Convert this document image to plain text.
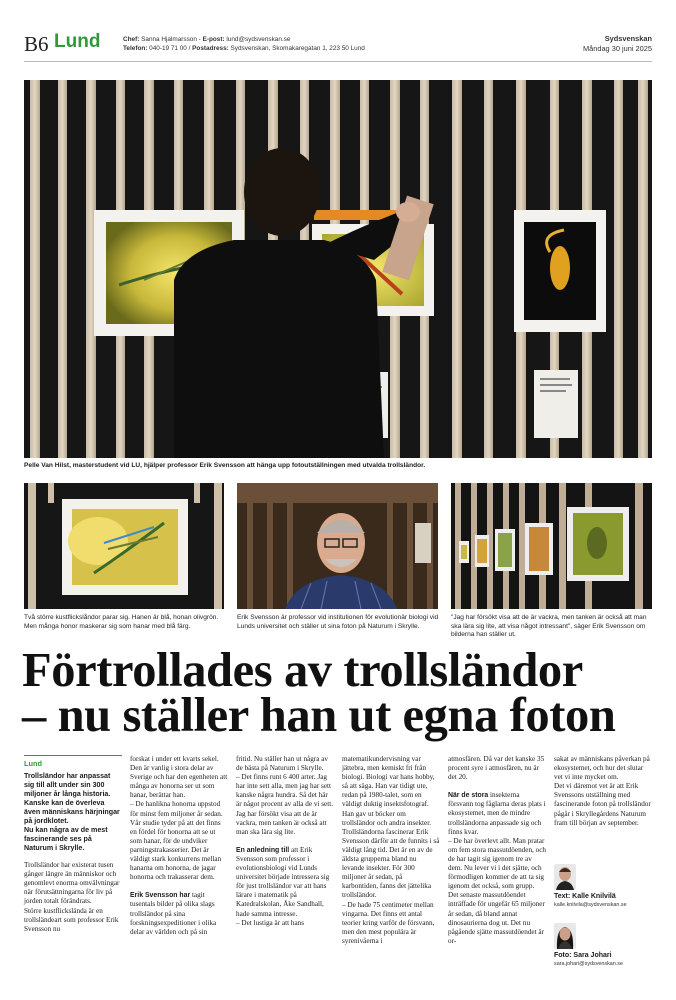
B6 Lund	Chef: Sanna Hjalmarsson - E-post: lund@sydsvenskan.se
Telefon: 040-19 71 00 / Postadress: Sydsvenskan, Skomakaregatan 1, 223 50 Lund
Sydsvenskan
Måndag 30 juni 2025
Pelle Van Hilst, masterstudent vid LU, hjälper professor Erik Svensson att hänga upp fotoutställningen med utvalda trollsländor.
Två större kustflickslåndor parar sig. Hanen är blå, honan olivgrön. Men många honor maskerar sig som hanar med blå färg.
Erik Svensson är professor vid institutionen för evolutionär biologi vid Lunds universitet och ställer ut sina foton på Naturum i Skrylle.
"Jag har försökt visa att de är vackra, men tanken är också att man ska lära sig lite, att visa något intressant", säger Erik Svensson om bilderna han ställer ut.
Förtrollades av trollsländor
– nu ställer han ut egna foton
Lund

Trollsländor har anpassat sig till allt under sin 300 miljoner år långa historia.

Kanske kan de överleva även människans härjningar på jordklotet.

Nu kan några av de mest fascinerande ses på Naturum i Skrylle.

Trollsländor har existerat tusen gånger längre än människor och genomlevt enorma omvälvningar när förutsättningarna för liv på jorden totalt förändrats.

Större kustflickslända är en trollsländeart som professor Erik Svensson nu

forskat i under ett kvarts sekel. Den är vanlig i stora delar av Sverige och har den egenheten att många av honorna ser ut som hanar, berättar han.

– De hanliknа honorna uppstod för minst fem miljoner år sedan. Vår studie tyder på att det finns en fördel för honorna att se ut som hanar, för de undviker parningstrakasserier. Det är väldigt stark konkurrens mellan hanarna om honorna, de jagar honorna och trakasserar dem.

Erik Svensson har tagit tusentals bilder på olika slags trollsländor på sina forskningsexpeditioner i olika delar av världen och på sin

fritid. Nu ställer han ut några av de bästa på Naturum i Skrylle.

– Det finns runt 6 400 arter. Jag har inte sett alla, men jag har sett kanske några hundra. Så det här är något procent av alla de vi sett. Jag har försökt visa att de är vackra, men tanken är också att man ska lära sig lite.

En anledning till att Erik Svensson som professor i evolutionsbiologi vid Lunds universitet började intressera sig för just trollsländor var att hans lärare i matematik på Katedralskolan, Åke Sandhall, hade samma intresse.

– Det lustiga är att hans

matematikundervisning var jättebra, men kemiskt fri från biologi. Biologi var hans hobby, så att säga. Han var tidigt ute, redan på 1980-talet, som en väldigt duktig insektsfotograf. Han gav ut böcker om trollsländor och andra insekter.

Trollsländorna fascinerar Erik Svensson därför att de funnits i så väldigt lång tid. Det är en av de äldsta grupperna bland nu levande insekter. För 300 miljoner år sedan, på karbontiden, fanns det jättelika trollsländor.

– De hade 75 centimeter mellan vingarna. Det finns ett antal teorier kring varför de försvann, men den mest populära är syrenivåerna i

atmosfären. Då var det kanske 35 procent syre i atmosfären, nu är det 20.

När de stora insekterna försvann tog fåglarna deras plats i ekosystemet, men de mindre trollsländorna anpassade sig och finns kvar.

– De har överlevt allt. Man pratar om fem stora massutdöenden, och de har tagit sig igenom tre av dem. Nu lever vi i det sjätte, och förmodligen kommer de att ta sig igenom det också, som grupp.

Det senaste massutdöendet inträffade för ungefär 65 miljoner år sedan, då bland annat dinosaurierna dog ut. Det nu pågående sjätte massutdöendet är or-

sakat av människans påverkan på ekosystemet, och hur det slutar vet vi inte mycket om.

Det vi däremot vet är att Erik Svenssons utställning med fascinerande foton på trollsländor pågår i Skryllegårdens Naturum fram till början av september.

Text: Kalle Knilvilä
kalle.knilvila@sydsvenskan.se
Foto: Sara Johari
sara.johari@sydsvenskan.se
